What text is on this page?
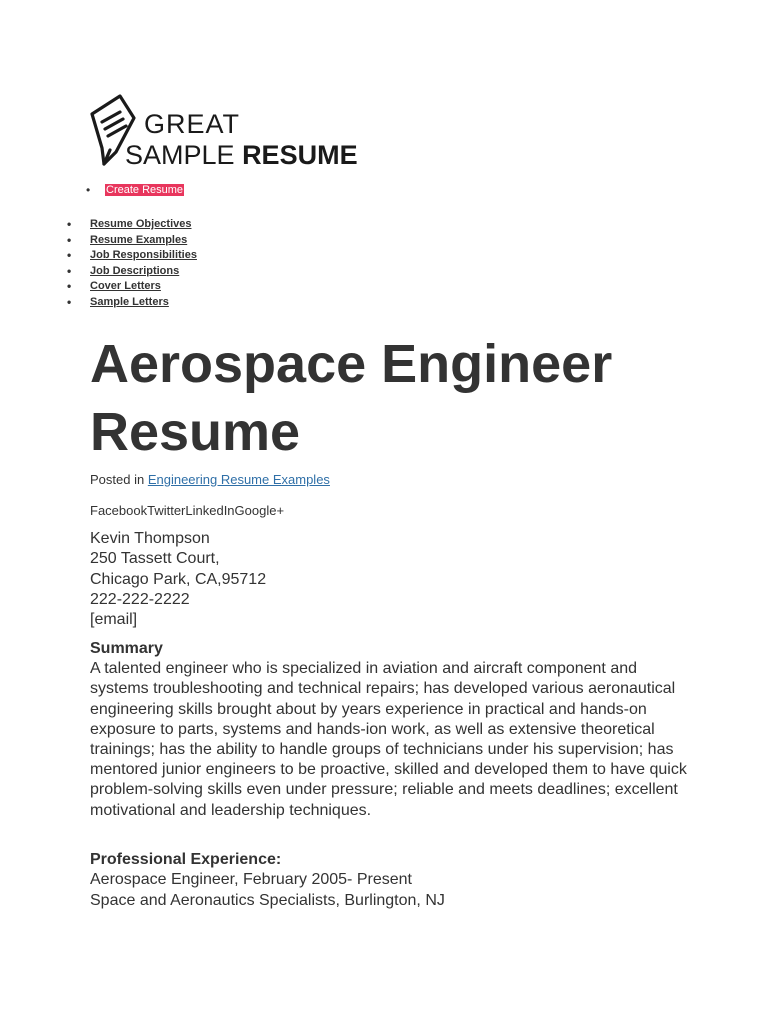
GREAT
SAMPLE RESUME
• Create Resume
• Resume Objectives
• Resume Examples
• Job Responsibilities
• Job Descriptions
• Cover Letters
• Sample Letters
Aerospace Engineer Resume
Posted in Engineering Resume Examples
FacebookTwitterLinkedInGoogle+
Kevin Thompson
250 Tassett Court,
Chicago Park, CA,95712
222-222-2222
[email]
Summary

A talented engineer who is specialized in aviation and aircraft component and systems troubleshooting and technical repairs; has developed various aeronautical engineering skills brought about by years experience in practical and hands-on exposure to parts, systems and hands-ion work, as well as extensive theoretical trainings; has the ability to handle groups of technicians under his supervision; has mentored junior engineers to be proactive, skilled and developed them to have quick problem-solving skills even under pressure; reliable and meets deadlines; excellent motivational and leadership techniques.

Professional Experience:
Aerospace Engineer, February 2005- Present
Space and Aeronautics Specialists, Burlington, NJ
